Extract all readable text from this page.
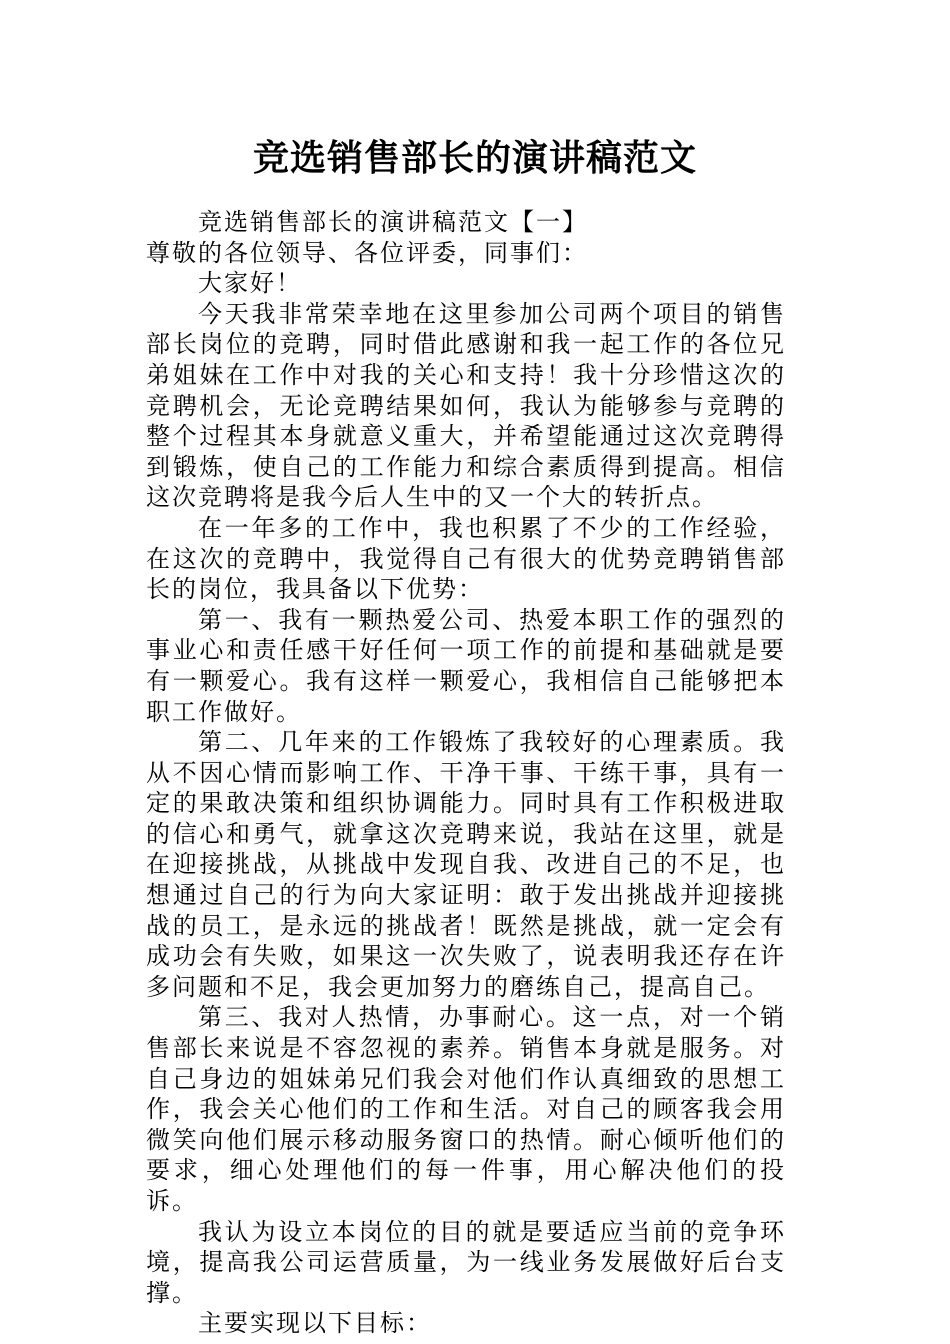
竞选销售部长的演讲稿范文

竞选销售部长的演讲稿范文【一】

尊敬的各位领导、各位评委，同事们：

大家好！

今天我非常荣幸地在这里参加公司两个项目的销售部长岗位的竞聘，同时借此感谢和我一起工作的各位兄弟姐妹在工作中对我的关心和支持！我十分珍惜这次的竞聘机会，无论竞聘结果如何，我认为能够参与竞聘的整个过程其本身就意义重大，并希望能通过这次竞聘得到锻炼，使自己的工作能力和综合素质得到提高。相信这次竞聘将是我今后人生中的又一个大的转折点。

在一年多的工作中，我也积累了不少的工作经验，在这次的竞聘中，我觉得自己有很大的优势竞聘销售部长的岗位，我具备以下优势：

第一、我有一颗热爱公司、热爱本职工作的强烈的事业心和责任感干好任何一项工作的前提和基础就是要有一颗爱心。我有这样一颗爱心，我相信自己能够把本职工作做好。

第二、几年来的工作锻炼了我较好的心理素质。我从不因心情而影响工作、干净干事、干练干事，具有一定的果敢决策和组织协调能力。同时具有工作积极进取的信心和勇气，就拿这次竞聘来说，我站在这里，就是在迎接挑战，从挑战中发现自我、改进自己的不足，也想通过自己的行为向大家证明：敢于发出挑战并迎接挑战的员工，是永远的挑战者！既然是挑战，就一定会有成功会有失败，如果这一次失败了，说表明我还存在许多问题和不足，我会更加努力的磨练自己，提高自己。

第三、我对人热情，办事耐心。这一点，对一个销售部长来说是不容忽视的素养。销售本身就是服务。对自己身边的姐妹弟兄们我会对他们作认真细致的思想工作，我会关心他们的工作和生活。对自己的顾客我会用微笑向他们展示移动服务窗口的热情。耐心倾听他们的要求，细心处理他们的每一件事，用心解决他们的投诉。

我认为设立本岗位的目的就是要适应当前的竞争环境，提高我公司运营质量，为一线业务发展做好后台支撑。

主要实现以下目标：
